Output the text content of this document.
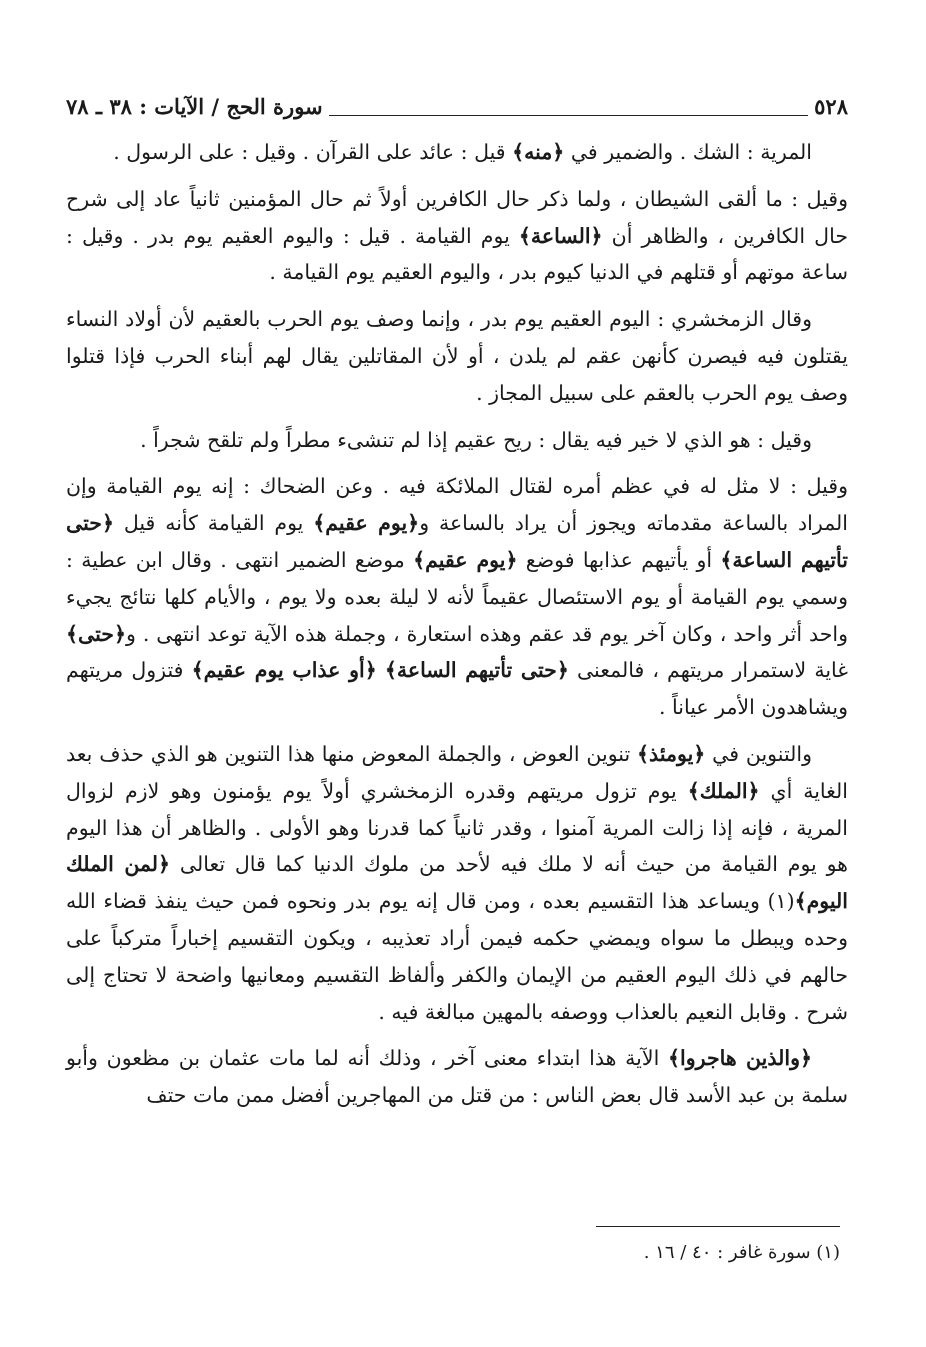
٥٢٨
سورة الحج / الآيات : ٣٨ ـ ٧٨

المرية : الشك . والضمير في ﴿منه﴾ قيل : عائد على القرآن . وقيل : على الرسول .

وقيل : ما ألقى الشيطان ، ولما ذكر حال الكافرين أولاً ثم حال المؤمنين ثانياً عاد إلى شرح حال الكافرين ، والظاهر أن ﴿الساعة﴾ يوم القيامة . قيل : واليوم العقيم يوم بدر . وقيل : ساعة موتهم أو قتلهم في الدنيا كيوم بدر ، واليوم العقيم يوم القيامة .

وقال الزمخشري : اليوم العقيم يوم بدر ، وإنما وصف يوم الحرب بالعقيم لأن أولاد النساء يقتلون فيه فيصرن كأنهن عقم لم يلدن ، أو لأن المقاتلين يقال لهم أبناء الحرب فإذا قتلوا وصف يوم الحرب بالعقم على سبيل المجاز .

وقيل : هو الذي لا خير فيه يقال : ريح عقيم إذا لم تنشىء مطراً ولم تلقح شجراً .

وقيل : لا مثل له في عظم أمره لقتال الملائكة فيه . وعن الضحاك : إنه يوم القيامة وإن المراد بالساعة مقدماته ويجوز أن يراد بالساعة و﴿يوم عقيم﴾ يوم القيامة كأنه قيل ﴿حتى تأتيهم الساعة﴾ أو يأتيهم عذابها فوضع ﴿يوم عقيم﴾ موضع الضمير انتهى . وقال ابن عطية : وسمي يوم القيامة أو يوم الاستئصال عقيماً لأنه لا ليلة بعده ولا يوم ، والأيام كلها نتائج يجيء واحد أثر واحد ، وكان آخر يوم قد عقم وهذه استعارة ، وجملة هذه الآية توعد انتهى . و﴿حتى﴾ غاية لاستمرار مريتهم ، فالمعنى ﴿حتى تأتيهم الساعة﴾ ﴿أو عذاب يوم عقيم﴾ فتزول مريتهم ويشاهدون الأمر عياناً .

والتنوين في ﴿يومئذ﴾ تنوين العوض ، والجملة المعوض منها هذا التنوين هو الذي حذف بعد الغاية أي ﴿الملك﴾ يوم تزول مريتهم وقدره الزمخشري أولاً يوم يؤمنون وهو لازم لزوال المرية ، فإنه إذا زالت المرية آمنوا ، وقدر ثانياً كما قدرنا وهو الأولى . والظاهر أن هذا اليوم هو يوم القيامة من حيث أنه لا ملك فيه لأحد من ملوك الدنيا كما قال تعالى ﴿لمن الملك اليوم﴾(١) ويساعد هذا التقسيم بعده ، ومن قال إنه يوم بدر ونحوه فمن حيث ينفذ قضاء الله وحده ويبطل ما سواه ويمضي حكمه فيمن أراد تعذيبه ، ويكون التقسيم إخباراً متركباً على حالهم في ذلك اليوم العقيم من الإيمان والكفر وألفاظ التقسيم ومعانيها واضحة لا تحتاج إلى شرح . وقابل النعيم بالعذاب ووصفه بالمهين مبالغة فيه .

﴿والذين هاجروا﴾ الآية هذا ابتداء معنى آخر ، وذلك أنه لما مات عثمان بن مظعون وأبو سلمة بن عبد الأسد قال بعض الناس : من قتل من المهاجرين أفضل ممن مات حتف

(١) سورة غافر : ٤٠ / ١٦ .
